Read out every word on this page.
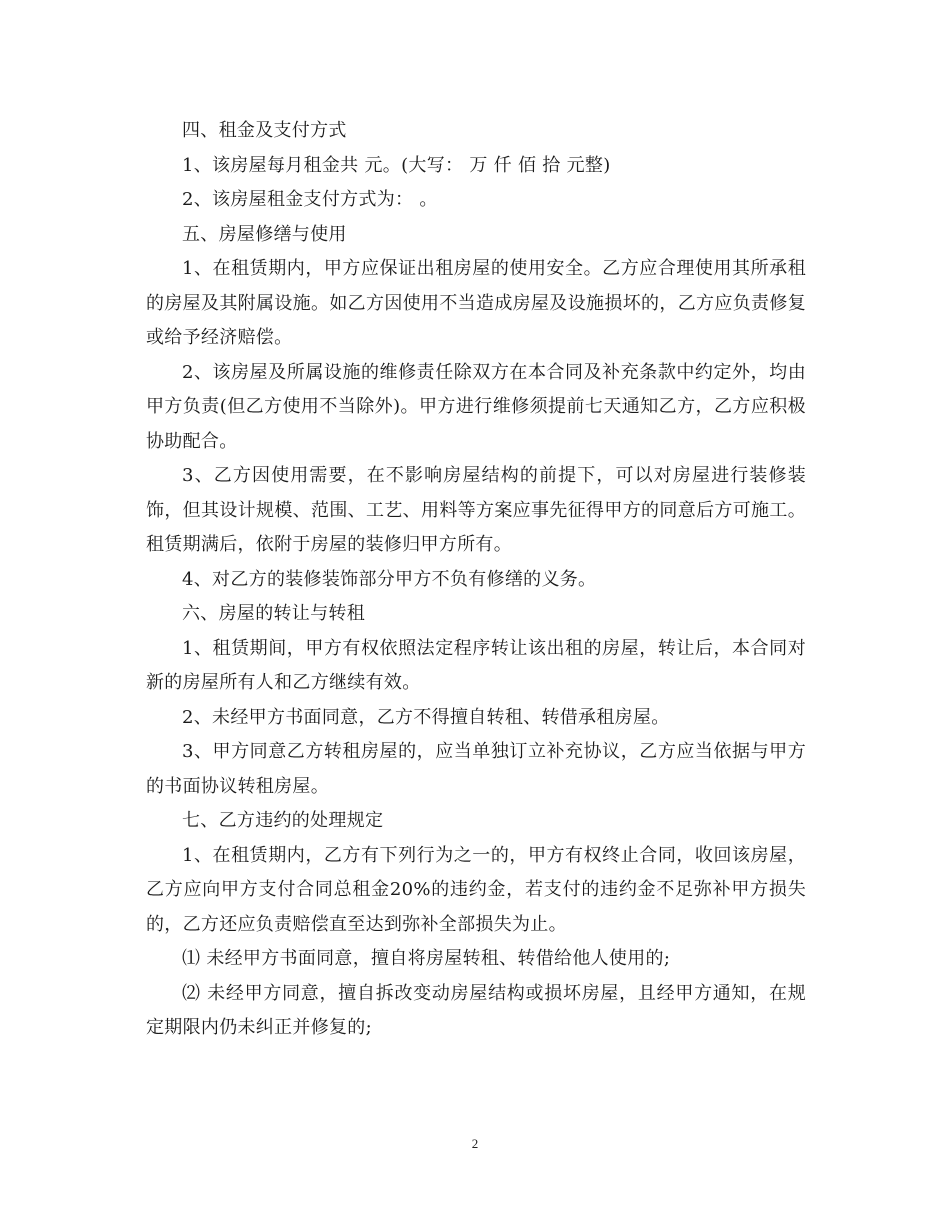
四、租金及支付方式

1、该房屋每月租金共 元。(大写： 万 仟 佰 拾 元整)

2、该房屋租金支付方式为： 。

五、房屋修缮与使用

1、在租赁期内，甲方应保证出租房屋的使用安全。乙方应合理使用其所承租的房屋及其附属设施。如乙方因使用不当造成房屋及设施损坏的，乙方应负责修复或给予经济赔偿。

2、该房屋及所属设施的维修责任除双方在本合同及补充条款中约定外，均由甲方负责(但乙方使用不当除外)。甲方进行维修须提前七天通知乙方，乙方应积极协助配合。

3、乙方因使用需要，在不影响房屋结构的前提下，可以对房屋进行装修装饰，但其设计规模、范围、工艺、用料等方案应事先征得甲方的同意后方可施工。租赁期满后，依附于房屋的装修归甲方所有。

4、对乙方的装修装饰部分甲方不负有修缮的义务。

六、房屋的转让与转租

1、租赁期间，甲方有权依照法定程序转让该出租的房屋，转让后，本合同对新的房屋所有人和乙方继续有效。

2、未经甲方书面同意，乙方不得擅自转租、转借承租房屋。

3、甲方同意乙方转租房屋的，应当单独订立补充协议，乙方应当依据与甲方的书面协议转租房屋。

七、乙方违约的处理规定

1、在租赁期内，乙方有下列行为之一的，甲方有权终止合同，收回该房屋，乙方应向甲方支付合同总租金20%的违约金，若支付的违约金不足弥补甲方损失的，乙方还应负责赔偿直至达到弥补全部损失为止。

⑴ 未经甲方书面同意，擅自将房屋转租、转借给他人使用的;

⑵ 未经甲方同意，擅自拆改变动房屋结构或损坏房屋，且经甲方通知，在规定期限内仍未纠正并修复的;

2
